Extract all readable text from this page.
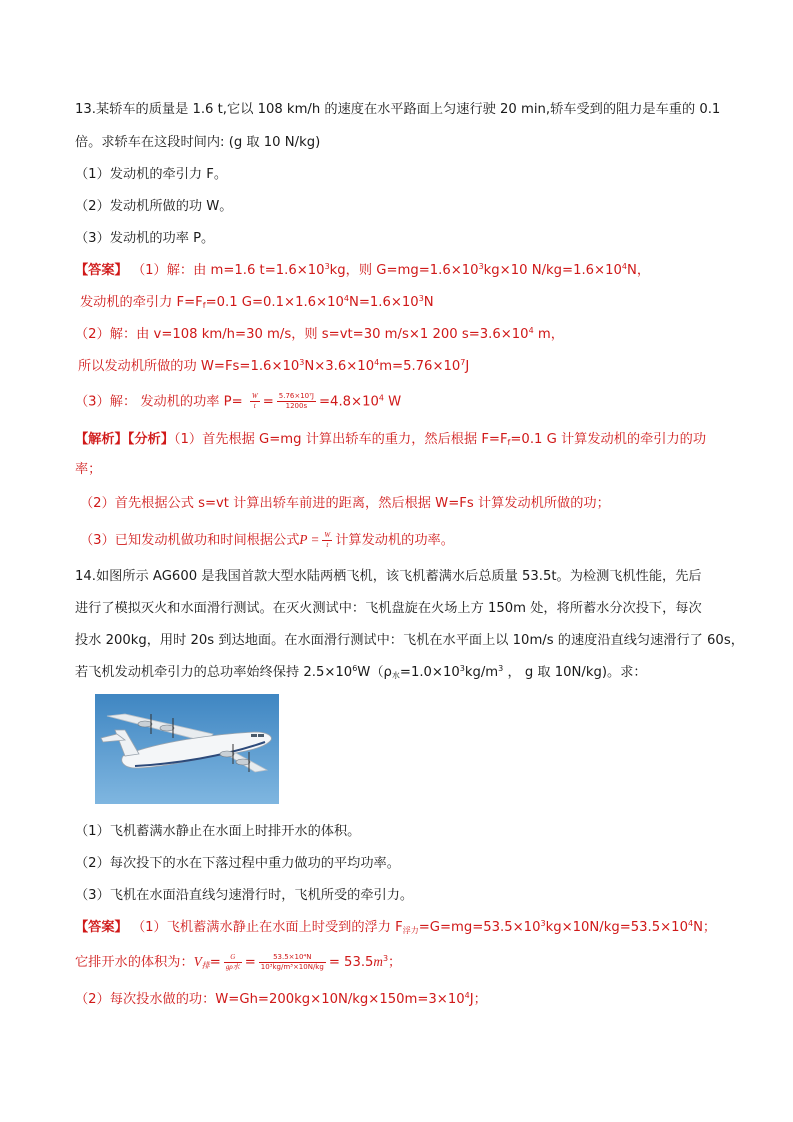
13.某轿车的质量是 1.6 t,它以 108 km/h 的速度在水平路面上匀速行驶 20 min,轿车受到的阻力是车重的 0.1
倍。求轿车在这段时间内: (g 取 10 N/kg)
（1）发动机的牵引力 F。
（2）发动机所做的功 W。
（3）发动机的功率 P。
【答案】 （1）解：由 m=1.6 $t=1.6\times 10^3kg$，则 $G=mg=1.6\times 10^3kg\times 10$ $N/kg=1.6\times 10^4N$，
发动机的牵引力 $F=F_f=0.1$ $G=0.1\times 1.6\times 10^4N=1.6\times 10^3N$
（2）解：由 v=108 km/h=30 m/s，则 s=vt=30 m/s×1 200 $s=3.6\times 10^4$ m，
所以发动机所做的功 $W=Fs=1.6\times 10^3N\times 3.6\times 10^4m=5.76\times 10^7J$
（3）解： 发动机的功率 $P= \frac{W}{t} = \frac{\text{5.76×10⁷J}}{1200s} =4.8\times 10^4$ W
【解析】【分析】（1）首先根据 G=mg 计算出轿车的重力，然后根据 $F=F_f=0.1$ G 计算发动机的牵引力的功
率；
（2）首先根据公式 s=vt 计算出轿车前进的距离，然后根据 W=Fs 计算发动机所做的功；
（3）已知发动机做功和时间根据公式$P = \frac{W}{t}$ 计算发动机的功率。
14.如图所示 AG600 是我国首款大型水陆两栖飞机，该飞机蓄满水后总质量 53.5t。为检测飞机性能，先后
进行了模拟灭火和水面滑行测试。在灭火测试中：飞机盘旋在火场上方 150m 处，将所蓄水分次投下，每次
投水 200kg，用时 20s 到达地面。在水面滑行测试中：飞机在水平面上以 10m/s 的速度沿直线匀速滑行了 60s，
若飞机发动机牵引力的总功率始终保持 $2.5\times 10^6W(\rho_水=1.0\times 10^3kg/m^3$ ， g 取 10N/kg)。求：
（1）飞机蓄满水静止在水面上时排开水的体积。
（2）每次投下的水在下落过程中重力做功的平均功率。
（3）飞机在水面沿直线匀速滑行时，飞机所受的牵引力。
【答案】 （1）飞机蓄满水静止在水面上时受到的浮力 $F_{浮力}=G=mg=53.5\times 10^3kg\times 10N/kg=53.5\times 10^4N$；
它排开水的体积为：$V_排= \frac{G}{\text{gρ水}} = \frac{\text{53.5×10⁴N}}{\text{10³kg/m³×10N/kg}} = 53.5m^3$；
（2）每次投水做的功：$W=Gh=200kg\times 10N/kg\times 150m=3\times 10^4J$；
